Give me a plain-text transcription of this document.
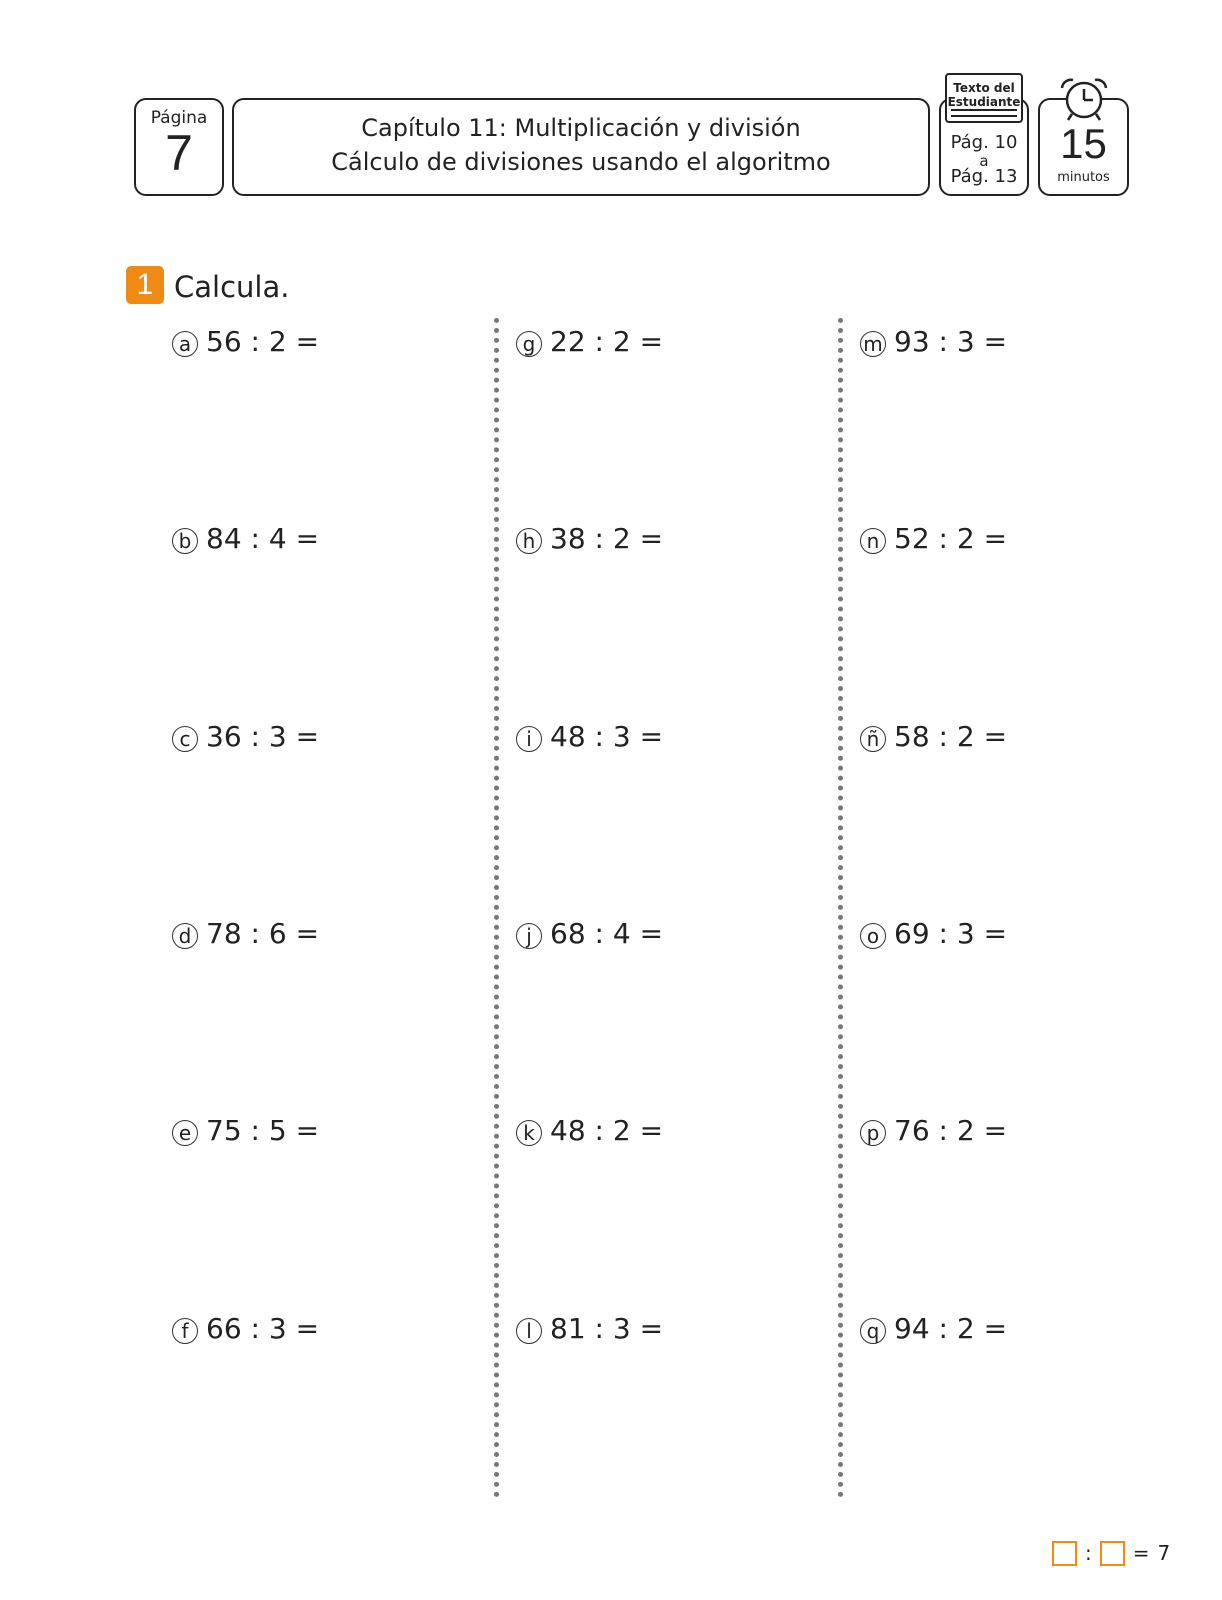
Página
7	Capítulo 11: Multiplicación y división
Cálculo de divisiones usando el algoritmo
Pág. 10
a
Pág. 13
Texto del
Estudiante
15
minutos
1 Calcula.
a 56 : 2 =
b 84 : 4 =
c 36 : 3 =
d 78 : 6 =
e 75 : 5 =
f 66 : 3 =
g 22 : 2 =
h 38 : 2 =
i 48 : 3 =
j 68 : 4 =
k 48 : 2 =
l 81 : 3 =
m 93 : 3 =
n 52 : 2 =
ñ 58 : 2 =
o 69 : 3 =
p 76 : 2 =
q 94 : 2 =
: = 7
